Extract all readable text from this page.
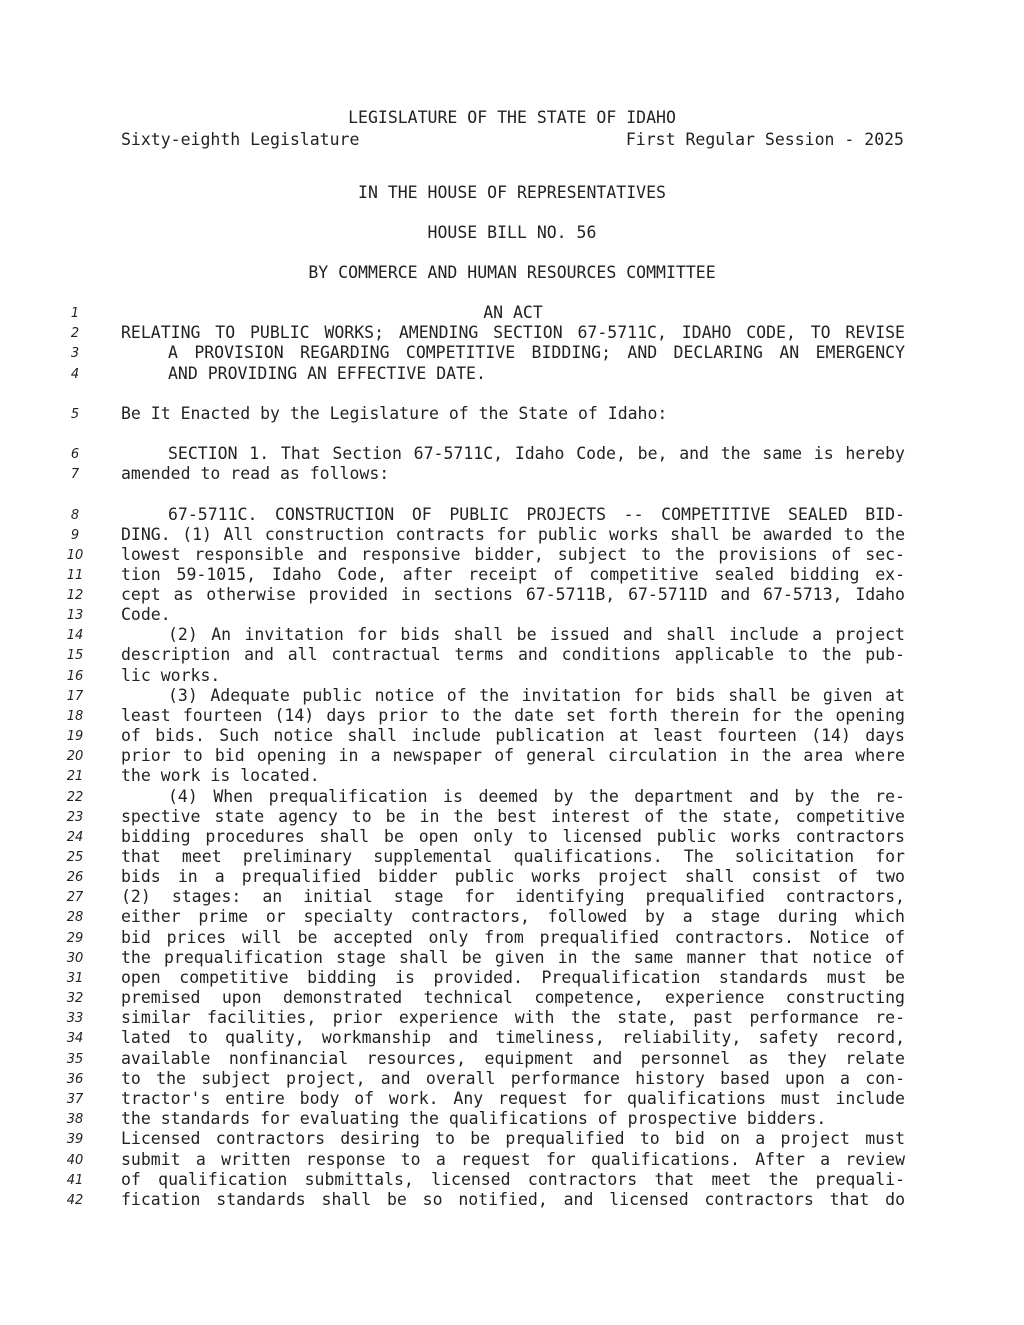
LEGISLATURE OF THE STATE OF IDAHO
Sixty-eighth Legislature	First Regular Session - 2025
IN THE HOUSE OF REPRESENTATIVES
HOUSE BILL NO. 56
BY COMMERCE AND HUMAN RESOURCES COMMITTEE
1	AN ACT
2	RELATING TO PUBLIC WORKS; AMENDING SECTION 67-5711C, IDAHO CODE, TO REVISE
3	A PROVISION REGARDING COMPETITIVE BIDDING; AND DECLARING AN EMERGENCY
4	AND PROVIDING AN EFFECTIVE DATE.
5	Be It Enacted by the Legislature of the State of Idaho:
6	SECTION 1. That Section 67-5711C, Idaho Code, be, and the same is hereby
7	amended to read as follows:
8	67-5711C. CONSTRUCTION OF PUBLIC PROJECTS -- COMPETITIVE SEALED BID-
9	DING. (1) All construction contracts for public works shall be awarded to the
10	lowest responsible and responsive bidder, subject to the provisions of sec-
11	tion 59-1015, Idaho Code, after receipt of competitive sealed bidding ex-
12	cept as otherwise provided in sections 67-5711B, 67-5711D and 67-5713, Idaho
13	Code.
14	(2) An invitation for bids shall be issued and shall include a project
15	description and all contractual terms and conditions applicable to the pub-
16	lic works.
17	(3) Adequate public notice of the invitation for bids shall be given at
18	least fourteen (14) days prior to the date set forth therein for the opening
19	of bids. Such notice shall include publication at least fourteen (14) days
20	prior to bid opening in a newspaper of general circulation in the area where
21	the work is located.
22	(4) When prequalification is deemed by the department and by the re-
23	spective state agency to be in the best interest of the state, competitive
24	bidding procedures shall be open only to licensed public works contractors
25	that meet preliminary supplemental qualifications. The solicitation for
26	bids in a prequalified bidder public works project shall consist of two
27	(2) stages: an initial stage for identifying prequalified contractors,
28	either prime or specialty contractors, followed by a stage during which
29	bid prices will be accepted only from prequalified contractors. Notice of
30	the prequalification stage shall be given in the same manner that notice of
31	open competitive bidding is provided. Prequalification standards must be
32	premised upon demonstrated technical competence, experience constructing
33	similar facilities, prior experience with the state, past performance re-
34	lated to quality, workmanship and timeliness, reliability, safety record,
35	available nonfinancial resources, equipment and personnel as they relate
36	to the subject project, and overall performance history based upon a con-
37	tractor's entire body of work. Any request for qualifications must include
38	the standards for evaluating the qualifications of prospective bidders.
39	Licensed contractors desiring to be prequalified to bid on a project must
40	submit a written response to a request for qualifications. After a review
41	of qualification submittals, licensed contractors that meet the prequali-
42	fication standards shall be so notified, and licensed contractors that do
